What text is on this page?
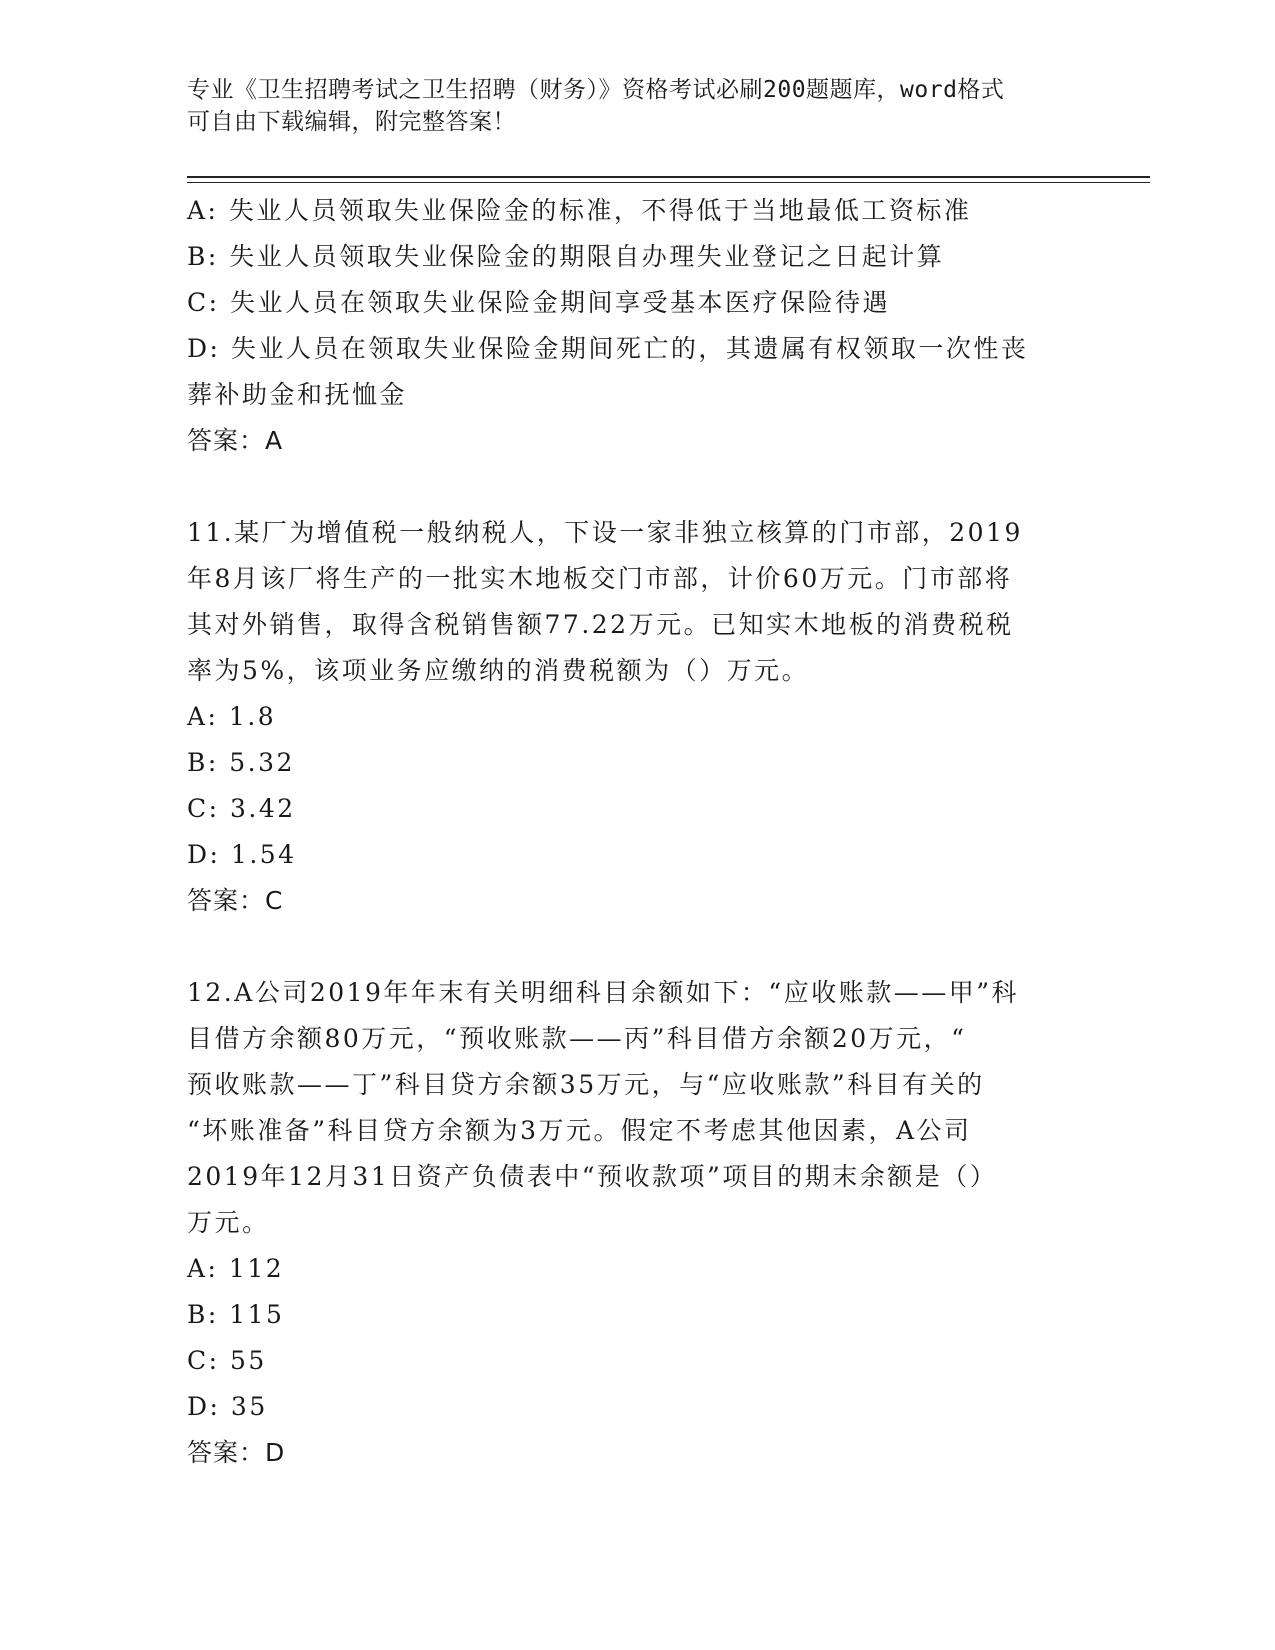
专业《卫生招聘考试之卫生招聘（财务）》资格考试必刷200题题库，word格式
可自由下载编辑，附完整答案！
A: 失业人员领取失业保险金的标准，不得低于当地最低工资标准
B: 失业人员领取失业保险金的期限自办理失业登记之日起计算
C: 失业人员在领取失业保险金期间享受基本医疗保险待遇
D: 失业人员在领取失业保险金期间死亡的，其遗属有权领取一次性丧
葬补助金和抚恤金
答案：A
11.某厂为增值税一般纳税人，下设一家非独立核算的门市部，2019
年8月该厂将生产的一批实木地板交门市部，计价60万元。门市部将
其对外销售，取得含税销售额77.22万元。已知实木地板的消费税税
率为5%，该项业务应缴纳的消费税额为（）万元。
A: 1.8
B: 5.32
C: 3.42
D: 1.54
答案：C
12.A公司2019年年末有关明细科目余额如下：“应收账款——甲”科
目借方余额80万元，“预收账款——丙”科目借方余额20万元，“
预收账款——丁”科目贷方余额35万元，与“应收账款”科目有关的
“坏账准备”科目贷方余额为3万元。假定不考虑其他因素，A公司
2019年12月31日资产负债表中“预收款项”项目的期末余额是（）
万元。
A: 112
B: 115
C: 55
D: 35
答案：D
